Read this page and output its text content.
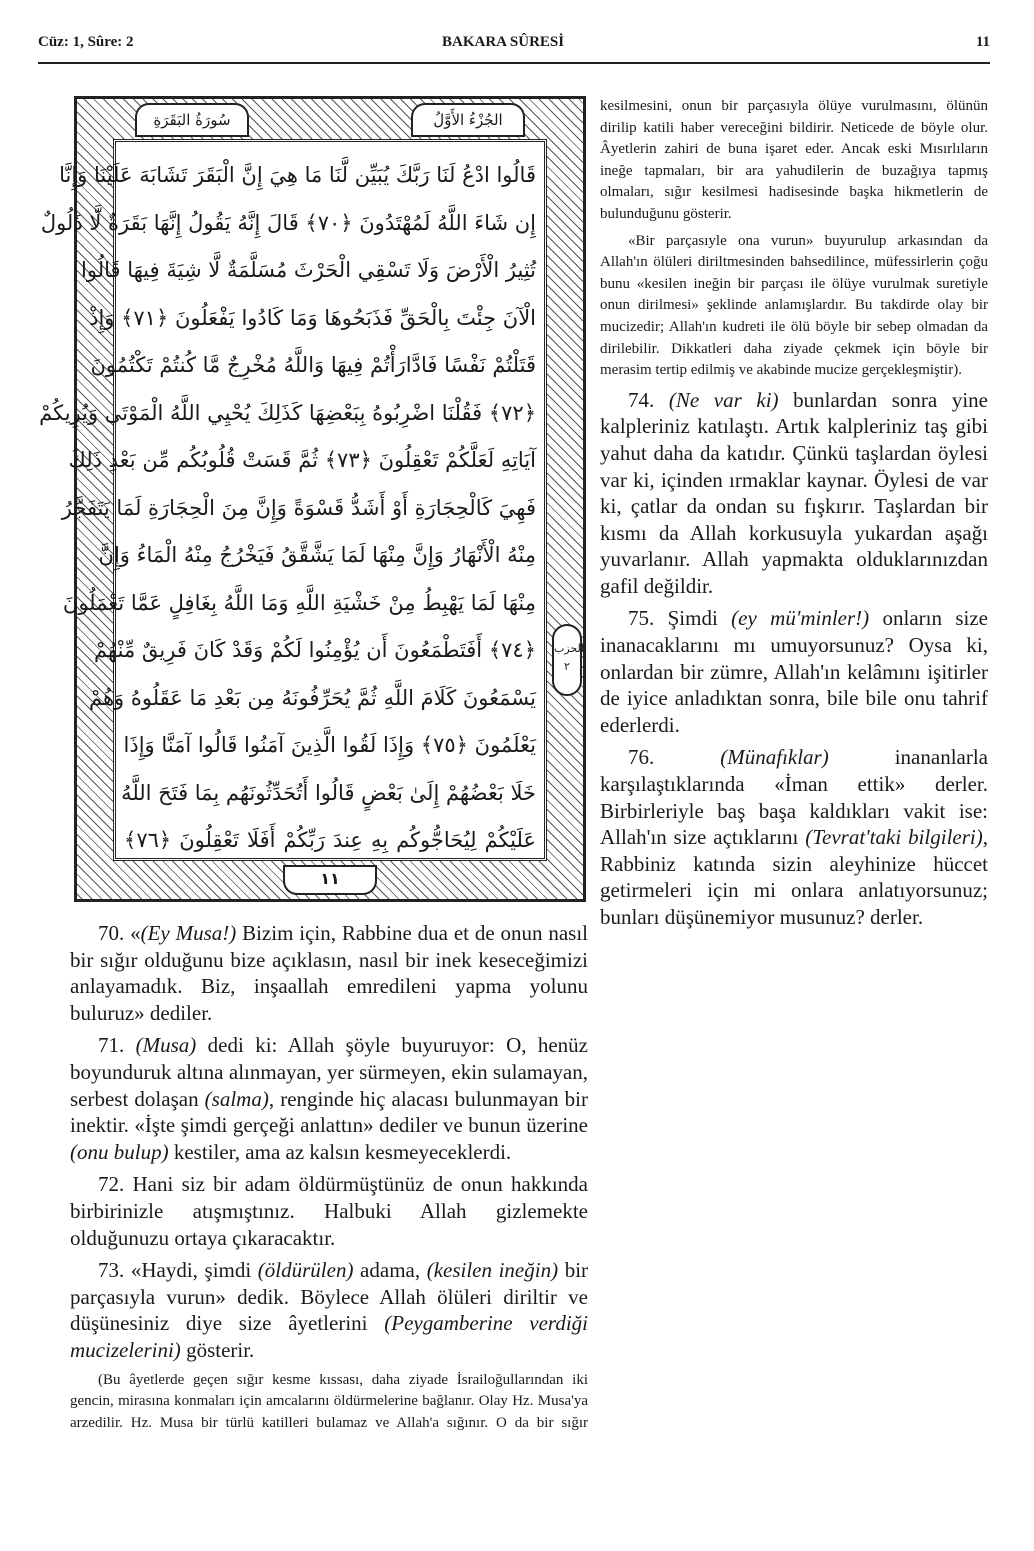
Cüz: 1, Sûre: 2	BAKARA SÛRESİ	11
سُورَةُ البَقَرَةِ	الجُزْءُ الأَوَّلُ
قَالُوا ادْعُ لَنَا رَبَّكَ يُبَيِّن لَّنَا مَا هِيَ إِنَّ الْبَقَرَ تَشَابَهَ عَلَيْنَا وَإِنَّا
إِن شَاءَ اللَّهُ لَمُهْتَدُونَ ﴿٧٠﴾ قَالَ إِنَّهُ يَقُولُ إِنَّهَا بَقَرَةٌ لَّا ذَلُولٌ
تُثِيرُ الْأَرْضَ وَلَا تَسْقِي الْحَرْثَ مُسَلَّمَةٌ لَّا شِيَةَ فِيهَا قَالُوا
الْآنَ جِئْتَ بِالْحَقِّ فَذَبَحُوهَا وَمَا كَادُوا يَفْعَلُونَ ﴿٧١﴾ وَإِذْ
قَتَلْتُمْ نَفْسًا فَادَّارَأْتُمْ فِيهَا وَاللَّهُ مُخْرِجٌ مَّا كُنتُمْ تَكْتُمُونَ
﴿٧٢﴾ فَقُلْنَا اضْرِبُوهُ بِبَعْضِهَا كَذَلِكَ يُحْيِي اللَّهُ الْمَوْتَى وَيُرِيكُمْ
آيَاتِهِ لَعَلَّكُمْ تَعْقِلُونَ ﴿٧٣﴾ ثُمَّ قَسَتْ قُلُوبُكُم مِّن بَعْدِ ذَلِكَ
فَهِيَ كَالْحِجَارَةِ أَوْ أَشَدُّ قَسْوَةً وَإِنَّ مِنَ الْحِجَارَةِ لَمَا يَتَفَجَّرُ
مِنْهُ الْأَنْهَارُ وَإِنَّ مِنْهَا لَمَا يَشَّقَّقُ فَيَخْرُجُ مِنْهُ الْمَاءُ وَإِنَّ
مِنْهَا لَمَا يَهْبِطُ مِنْ خَشْيَةِ اللَّهِ وَمَا اللَّهُ بِغَافِلٍ عَمَّا تَعْمَلُونَ
﴿٧٤﴾ أَفَتَطْمَعُونَ أَن يُؤْمِنُوا لَكُمْ وَقَدْ كَانَ فَرِيقٌ مِّنْهُمْ
يَسْمَعُونَ كَلَامَ اللَّهِ ثُمَّ يُحَرِّفُونَهُ مِن بَعْدِ مَا عَقَلُوهُ وَهُمْ
يَعْلَمُونَ ﴿٧٥﴾ وَإِذَا لَقُوا الَّذِينَ آمَنُوا قَالُوا آمَنَّا وَإِذَا
خَلَا بَعْضُهُمْ إِلَىٰ بَعْضٍ قَالُوا أَتُحَدِّثُونَهُم بِمَا فَتَحَ اللَّهُ
عَلَيْكُمْ لِيُحَاجُّوكُم بِهِ عِندَ رَبِّكُمْ أَفَلَا تَعْقِلُونَ ﴿٧٦﴾
الحزب ٢
١١

70. «(Ey Musa!) Bizim için, Rabbine dua et de onun nasıl bir sığır olduğunu bize açıklasın, nasıl bir inek keseceğimizi anlayamadık. Biz, inşaallah emredileni yapma yolunu buluruz» dediler.

71. (Musa) dedi ki: Allah şöyle buyuruyor: O, henüz boyunduruk altına alınmayan, yer sürmeyen, ekin sulamayan, serbest dolaşan (salma), renginde hiç alacası bulunmayan bir inektir. «İşte şimdi gerçeği anlattın» dediler ve bunun üzerine (onu bulup) kestiler, ama az kalsın kesmeyeceklerdi.

72. Hani siz bir adam öldürmüştünüz de onun hakkında birbirinizle atışmıştınız. Halbuki Allah gizlemekte olduğunuzu ortaya çıkaracaktır.

73. «Haydi, şimdi (öldürülen) adama, (kesilen ineğin) bir parçasıyla vurun» dedik. Böylece Allah ölüleri diriltir ve düşünesiniz diye size âyetlerini (Peygamberine verdiği mucizelerini) gösterir.

(Bu âyetlerde geçen sığır kesme kıssası, daha ziyade İsrailoğullarından iki gencin, mirasına konmaları için amcalarını öldürmelerine bağlanır. Olay Hz. Musa'ya arzedilir. Hz. Musa bir türlü katilleri bulamaz ve Allah'a sığınır. O da bir sığır

kesilmesini, onun bir parçasıyla ölüye vurulmasını, ölünün dirilip katili haber vereceğini bildirir. Neticede de böyle olur. Âyetlerin zahiri de buna işaret eder. Ancak eski Mısırlıların ineğe tapmaları, bir ara yahudilerin de buzağıya tapmış olmaları, sığır kesilmesi hadisesinde başka hikmetlerin de bulunduğunu gösterir.

«Bir parçasıyle ona vurun» buyurulup arkasından da Allah'ın ölüleri diriltmesinden bahsedilince, müfessirlerin çoğu bunu «kesilen ineğin bir parçası ile ölüye vurulmak suretiyle onun dirilmesi» şeklinde anlamışlardır. Bu takdirde olay bir mucizedir; Allah'ın kudreti ile ölü böyle bir sebep olmadan da dirilebilir. Dikkatleri daha ziyade çekmek için böyle bir merasim tertip edilmiş ve akabinde mucize gerçekleşmiştir).

74. (Ne var ki) bunlardan sonra yine kalpleriniz katılaştı. Artık kalpleriniz taş gibi yahut daha da katıdır. Çünkü taşlardan öylesi var ki, içinden ırmaklar kaynar. Öylesi de var ki, çatlar da ondan su fışkırır. Taşlardan bir kısmı da Allah korkusuyla yukardan aşağı yuvarlanır. Allah yapmakta olduklarınızdan gafil değildir.

75. Şimdi (ey mü'minler!) onların size inanacaklarını mı umuyorsunuz? Oysa ki, onlardan bir zümre, Allah'ın kelâmını işitirler de iyice anladıktan sonra, bile bile onu tahrif ederlerdi.

76. (Münafıklar) inananlarla karşılaştıklarında «İman ettik» derler. Birbirleriyle baş başa kaldıkları vakit ise: Allah'ın size açtıklarını (Tevrat'taki bilgileri), Rabbiniz katında sizin aleyhinize hüccet getirmeleri için mi onlara anlatıyorsunuz; bunları düşünemiyor musunuz? derler.
